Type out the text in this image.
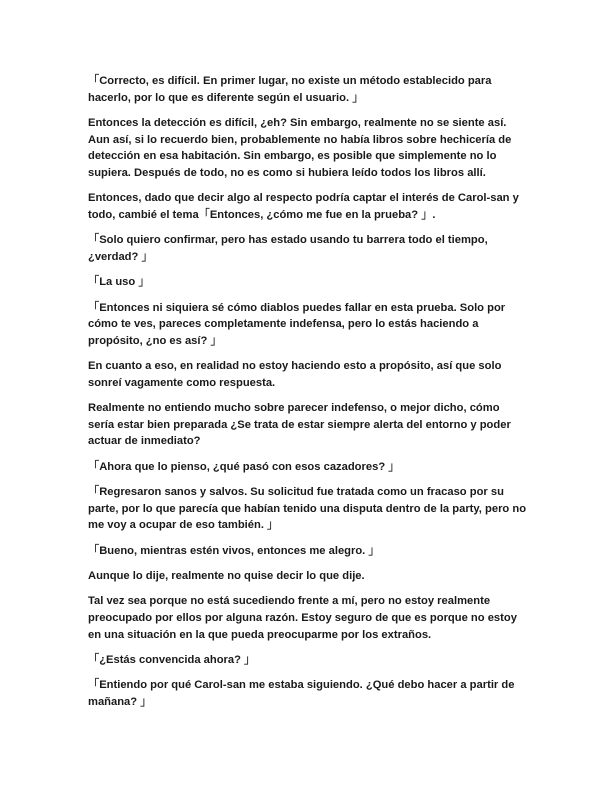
「Correcto, es difícil. En primer lugar, no existe un método establecido para hacerlo, por lo que es diferente según el usuario. 」

Entonces la detección es difícil, ¿eh? Sin embargo, realmente no se siente así. Aun así, si lo recuerdo bien, probablemente no había libros sobre hechicería de detección en esa habitación. Sin embargo, es posible que simplemente no lo supiera. Después de todo, no es como si hubiera leído todos los libros allí.

Entonces, dado que decir algo al respecto podría captar el interés de Carol-san y todo, cambié el tema「Entonces, ¿cómo me fue en la prueba? 」.

「Solo quiero confirmar, pero has estado usando tu barrera todo el tiempo, ¿verdad? 」

「La uso 」

「Entonces ni siquiera sé cómo diablos puedes fallar en esta prueba. Solo por cómo te ves, pareces completamente indefensa, pero lo estás haciendo a propósito, ¿no es así? 」

En cuanto a eso, en realidad no estoy haciendo esto a propósito, así que solo sonreí vagamente como respuesta.

Realmente no entiendo mucho sobre parecer indefenso, o mejor dicho, cómo sería estar bien preparada ¿Se trata de estar siempre alerta del entorno y poder actuar de inmediato?

「Ahora que lo pienso, ¿qué pasó con esos cazadores? 」

「Regresaron sanos y salvos. Su solicitud fue tratada como un fracaso por su parte, por lo que parecía que habían tenido una disputa dentro de la party, pero no me voy a ocupar de eso también. 」

「Bueno, mientras estén vivos, entonces me alegro. 」

Aunque lo dije, realmente no quise decir lo que dije.

Tal vez sea porque no está sucediendo frente a mí, pero no estoy realmente preocupado por ellos por alguna razón. Estoy seguro de que es porque no estoy en una situación en la que pueda preocuparme por los extraños.

「¿Estás convencida ahora? 」

「Entiendo por qué Carol-san me estaba siguiendo. ¿Qué debo hacer a partir de mañana? 」
